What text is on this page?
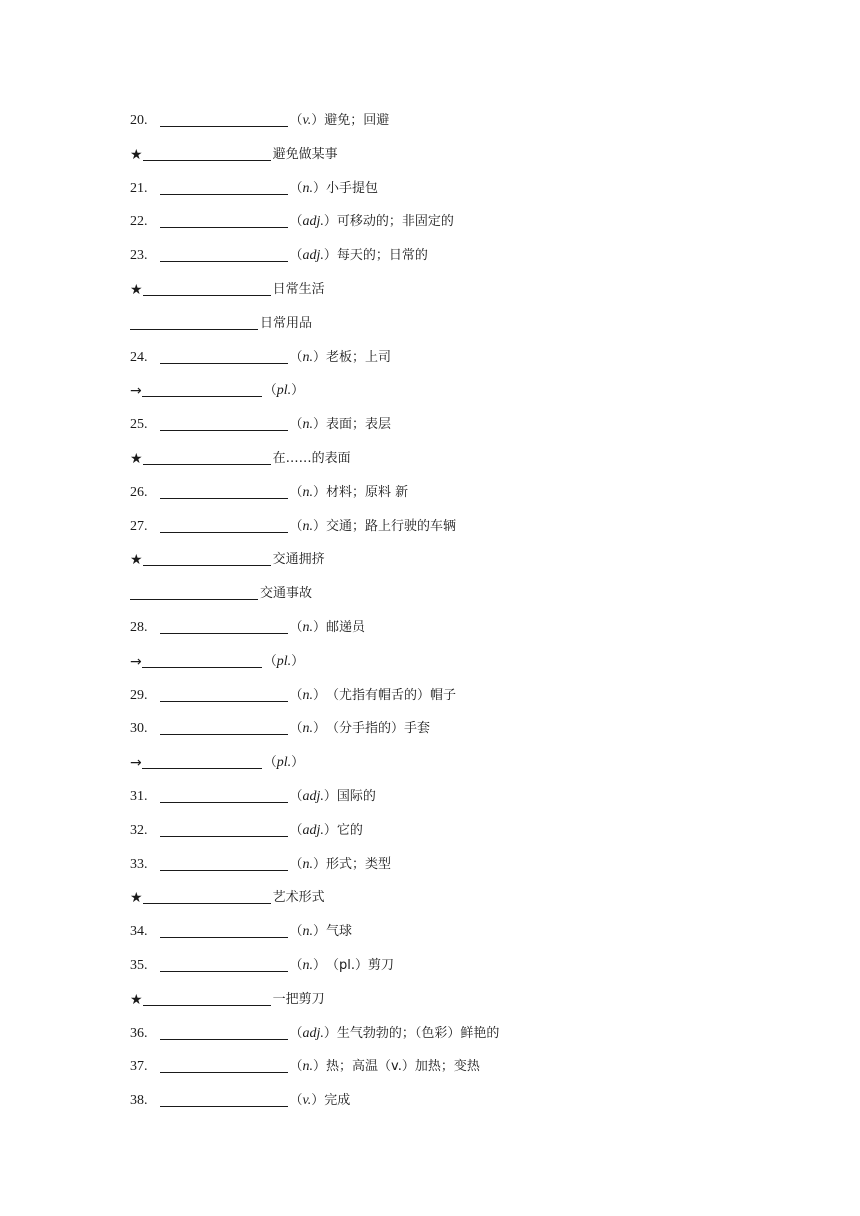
20.	（ v. ） 避免；回避
★	避免做某事
21.	（ n. ） 小手提包
22.	（ adj. ） 可移动的；非固定的
23.	（ adj. ） 每天的；日常的
★	日常生活
日常用品
24.	（ n. ） 老板；上司
→	（ pl. ）
25.	（ n. ） 表面；表层
★	在……的表面
26.	（ n. ） 材料；原料 新
27.	（ n. ） 交通；路上行驶的车辆
★	交通拥挤
交通事故
28.	（ n. ） 邮递员
→	（ pl. ）
29.	（ n. ） （尤指有帽舌的）帽子
30.	（ n. ） （分手指的）手套
→	（ pl. ）
31.	（ adj. ） 国际的
32.	（ adj. ） 它的
33.	（ n. ） 形式；类型
★	艺术形式
34.	（ n. ） 气球
35.	（ n. ） （pl.）剪刀
★	一把剪刀
36.	（ adj. ） 生气勃勃的；（色彩）鲜艳的
37.	（ n. ） 热；高温（v.）加热；变热
38.	（ v. ） 完成
